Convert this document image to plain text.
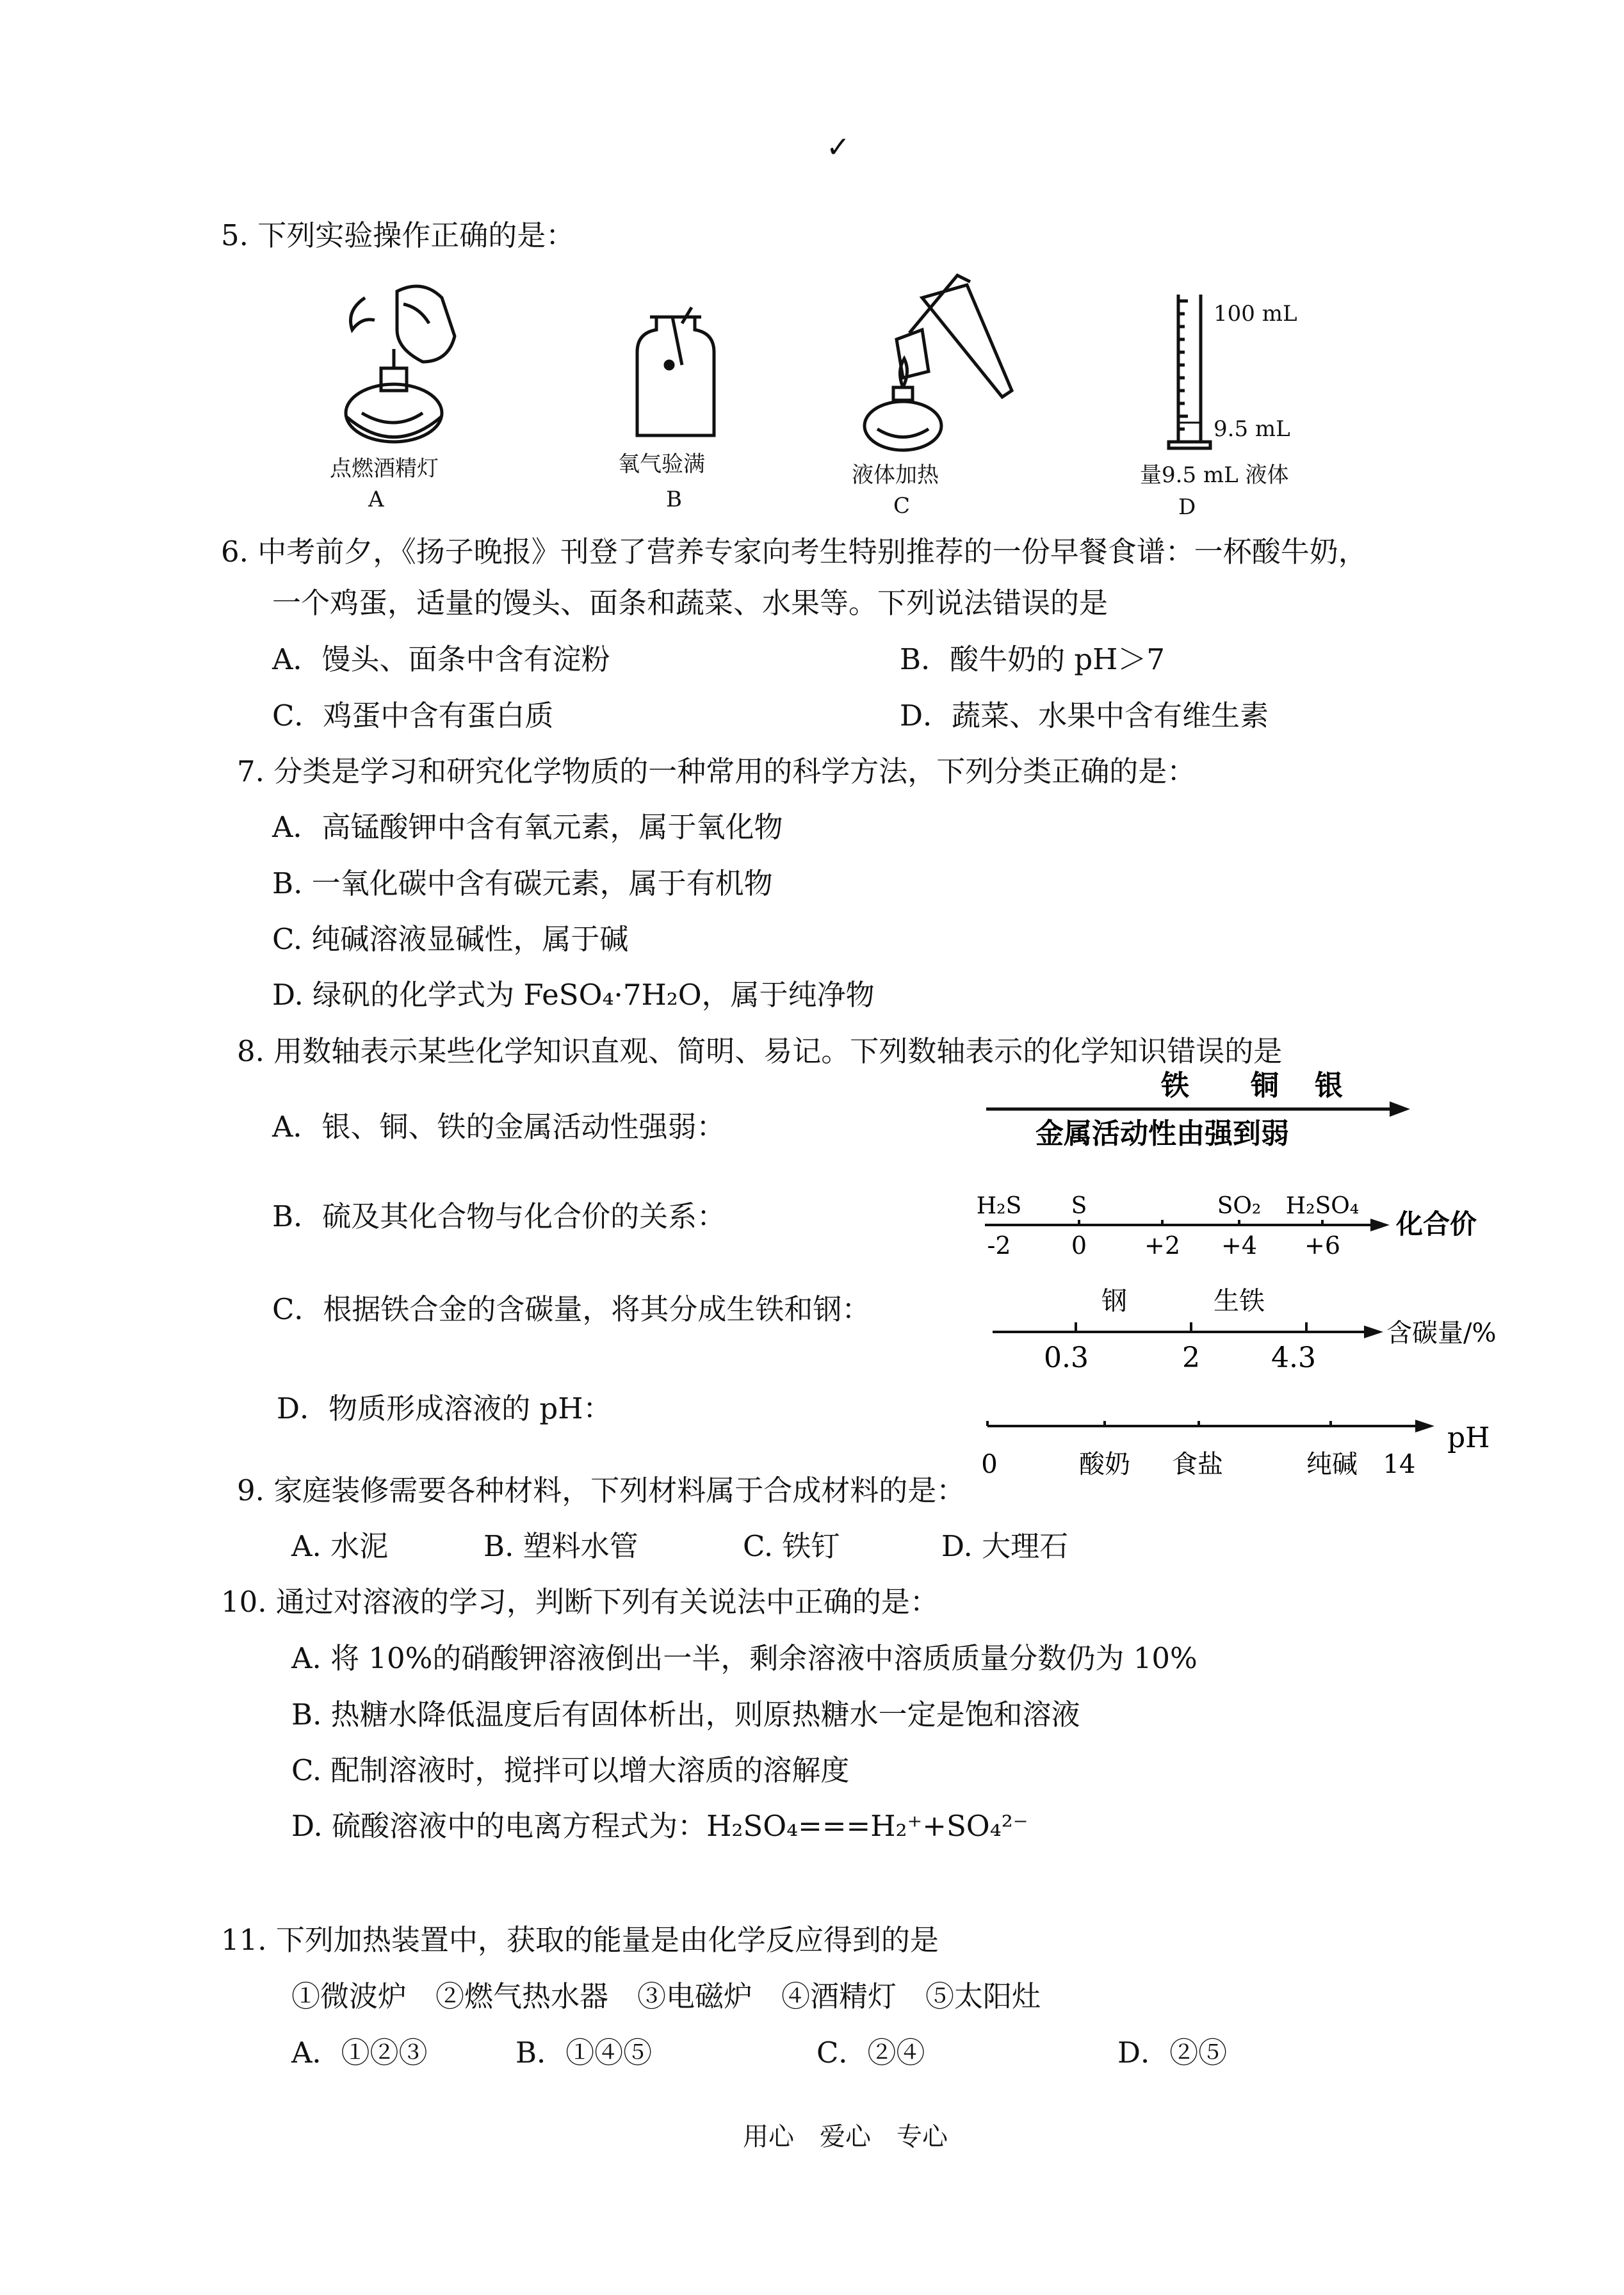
✓
5. 下列实验操作正确的是：
点燃酒精灯
A
氧气验满
B
液体加热
C
100 mL
9.5 mL
量9.5 mL 液体
D
6. 中考前夕，《扬子晚报》刊登了营养专家向考生特别推荐的一份早餐食谱：一杯酸牛奶，
一个鸡蛋，适量的馒头、面条和蔬菜、水果等。下列说法错误的是
A．馒头、面条中含有淀粉	B．酸牛奶的 pH＞7
C．鸡蛋中含有蛋白质	D．蔬菜、水果中含有维生素
7. 分类是学习和研究化学物质的一种常用的科学方法，下列分类正确的是：
A．高锰酸钾中含有氧元素，属于氧化物
B. 一氧化碳中含有碳元素，属于有机物
C. 纯碱溶液显碱性，属于碱
D. 绿矾的化学式为 FeSO₄·7H₂O，属于纯净物
8. 用数轴表示某些化学知识直观、简明、易记。下列数轴表示的化学知识错误的是
A．银、铜、铁的金属活动性强弱：
铁 铜 银
金属活动性由强到弱
B．硫及其化合物与化合价的关系：	H₂S S	SO₂ H₂SO₄
-2 0 +2 +4 +6
化合价
C．根据铁合金的含碳量，将其分成生铁和钢：	钢	生铁
0.3	2	4.3
含碳量/%
D．物质形成溶液的 pH：
0	酸奶 食盐	纯碱 14
pH
9. 家庭装修需要各种材料，下列材料属于合成材料的是：
A. 水泥	B. 塑料水管	C. 铁钉	D. 大理石
10. 通过对溶液的学习，判断下列有关说法中正确的是：
A. 将 10%的硝酸钾溶液倒出一半，剩余溶液中溶质质量分数仍为 10%
B. 热糖水降低温度后有固体析出，则原热糖水一定是饱和溶液
C. 配制溶液时，搅拌可以增大溶质的溶解度
D. 硫酸溶液中的电离方程式为：H₂SO₄===H₂⁺+SO₄²⁻
11. 下列加热装置中，获取的能量是由化学反应得到的是
①微波炉　②燃气热水器　③电磁炉　④酒精灯　⑤太阳灶
A．①②③	B．①④⑤	C．②④	D．②⑤
用心　爱心　专心
